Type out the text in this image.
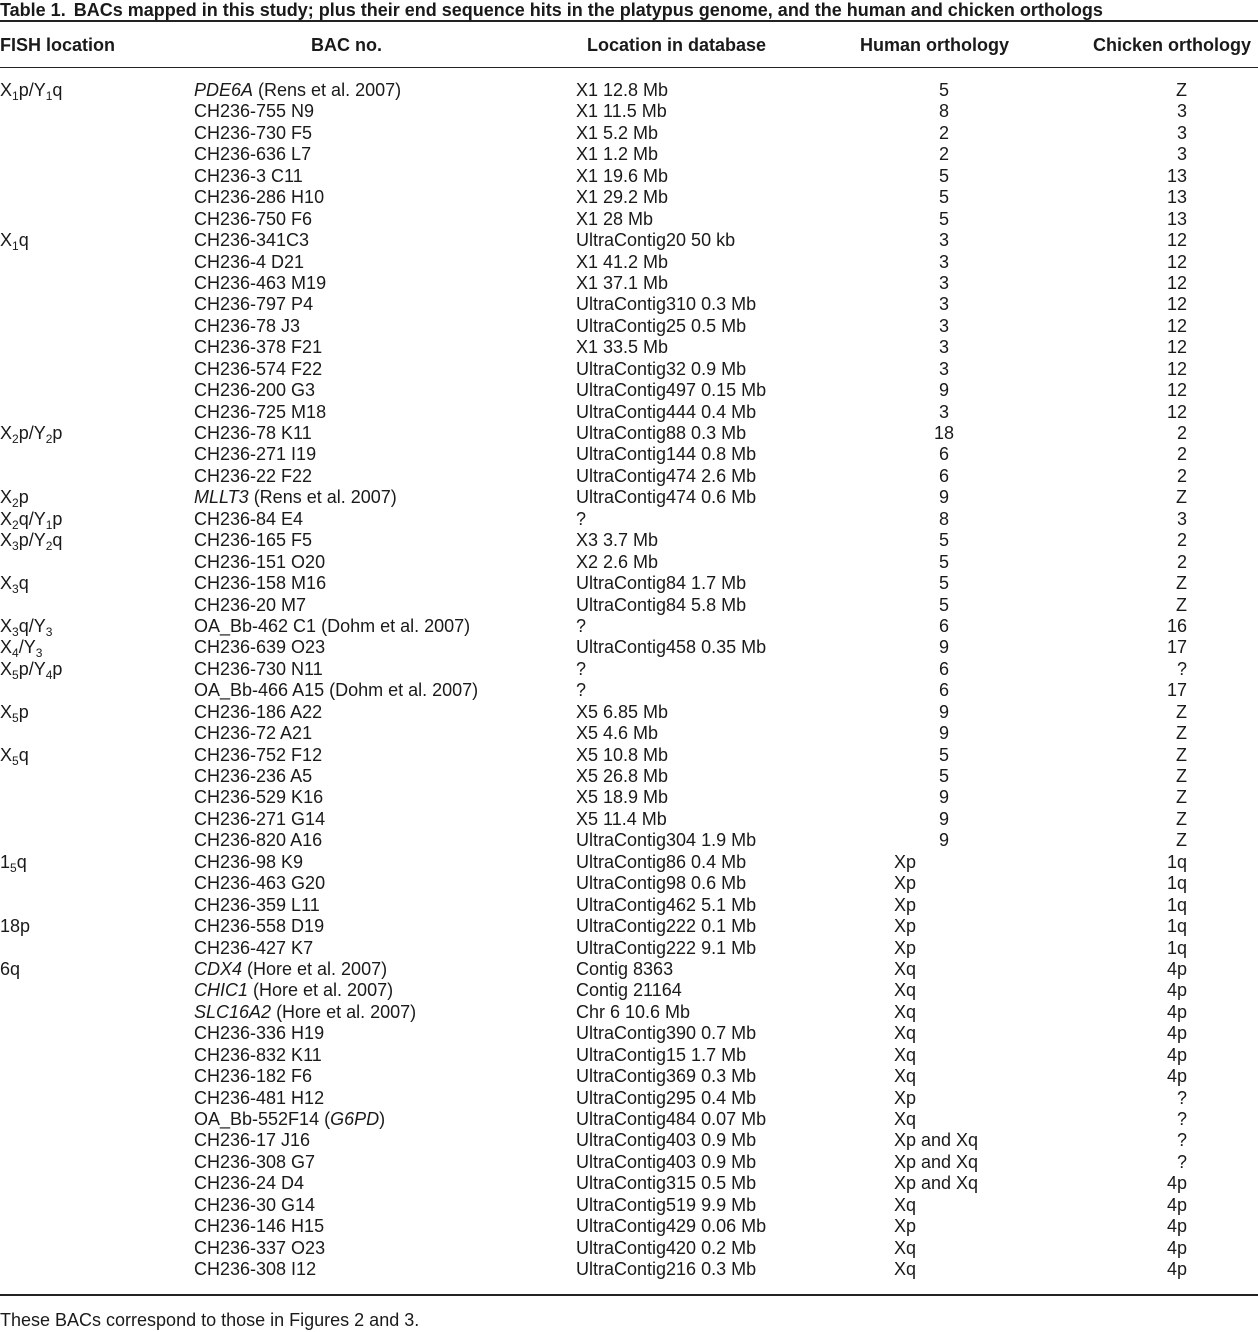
Table 1. BACs mapped in this study; plus their end sequence hits in the platypus genome, and the human and chicken orthologs
FISH location	BAC no.	Location in database	Human orthology	Chicken orthology
$X_1p/Y_1q$	PDE6A (Rens et al. 2007)	X1 12.8 Mb	5	Z
CH236-755 N9	X1 11.5 Mb	8	3
CH236-730 F5	X1 5.2 Mb	2	3
CH236-636 L7	X1 1.2 Mb	2	3
CH236-3 C11	X1 19.6 Mb	5	13
CH236-286 H10	X1 29.2 Mb	5	13
CH236-750 F6	X1 28 Mb	5	13
$X_1q$	CH236-341C3	UltraContig20 50 kb	3	12
CH236-4 D21	X1 41.2 Mb	3	12
CH236-463 M19	X1 37.1 Mb	3	12
CH236-797 P4	UltraContig310 0.3 Mb	3	12
CH236-78 J3	UltraContig25 0.5 Mb	3	12
CH236-378 F21	X1 33.5 Mb	3	12
CH236-574 F22	UltraContig32 0.9 Mb	3	12
CH236-200 G3	UltraContig497 0.15 Mb	9	12
CH236-725 M18	UltraContig444 0.4 Mb	3	12
$X_2p/Y_2p$	CH236-78 K11	UltraContig88 0.3 Mb	18	2
CH236-271 I19	UltraContig144 0.8 Mb	6	2
CH236-22 F22	UltraContig474 2.6 Mb	6	2
$X_2p$	MLLT3 (Rens et al. 2007)	UltraContig474 0.6 Mb	9	Z
$X_2q/Y_1p$	CH236-84 E4	?	8	3
$X_3p/Y_2q$	CH236-165 F5	X3 3.7 Mb	5	2
CH236-151 O20	X2 2.6 Mb	5	2
$X_3q$	CH236-158 M16	UltraContig84 1.7 Mb	5	Z
CH236-20 M7	UltraContig84 5.8 Mb	5	Z
$X_3q/Y_3$	OA_Bb-462 C1 (Dohm et al. 2007)	?	6	16
$X_4/Y_3$	CH236-639 O23	UltraContig458 0.35 Mb	9	17
$X_5p/Y_4p$	CH236-730 N11	?	6	?
OA_Bb-466 A15 (Dohm et al. 2007)	?	6	17
$X_5p$	CH236-186 A22	X5 6.85 Mb	9	Z
CH236-72 A21	X5 4.6 Mb	9	Z
$X_5q$	CH236-752 F12	X5 10.8 Mb	5	Z
CH236-236 A5	X5 26.8 Mb	5	Z
CH236-529 K16	X5 18.9 Mb	9	Z
CH236-271 G14	X5 11.4 Mb	9	Z
CH236-820 A16	UltraContig304 1.9 Mb	9	Z
$1_5q$	CH236-98 K9	UltraContig86 0.4 Mb	Xp	1q
CH236-463 G20	UltraContig98 0.6 Mb	Xp	1q
CH236-359 L11	UltraContig462 5.1 Mb	Xp	1q
18p	CH236-558 D19	UltraContig222 0.1 Mb	Xp	1q
CH236-427 K7	UltraContig222 9.1 Mb	Xp	1q
6q	CDX4 (Hore et al. 2007)	Contig 8363	Xq	4p
CHIC1 (Hore et al. 2007)	Contig 21164	Xq	4p
SLC16A2 (Hore et al. 2007)	Chr 6 10.6 Mb	Xq	4p
CH236-336 H19	UltraContig390 0.7 Mb	Xq	4p
CH236-832 K11	UltraContig15 1.7 Mb	Xq	4p
CH236-182 F6	UltraContig369 0.3 Mb	Xq	4p
CH236-481 H12	UltraContig295 0.4 Mb	Xp	?
OA_Bb-552F14 (G6PD)	UltraContig484 0.07 Mb	Xq	?
CH236-17 J16	UltraContig403 0.9 Mb	Xp and Xq	?
CH236-308 G7	UltraContig403 0.9 Mb	Xp and Xq	?
CH236-24 D4	UltraContig315 0.5 Mb	Xp and Xq	4p
CH236-30 G14	UltraContig519 9.9 Mb	Xq	4p
CH236-146 H15	UltraContig429 0.06 Mb	Xp	4p
CH236-337 O23	UltraContig420 0.2 Mb	Xq	4p
CH236-308 I12	UltraContig216 0.3 Mb	Xq	4p
These BACs correspond to those in Figures 2 and 3.
